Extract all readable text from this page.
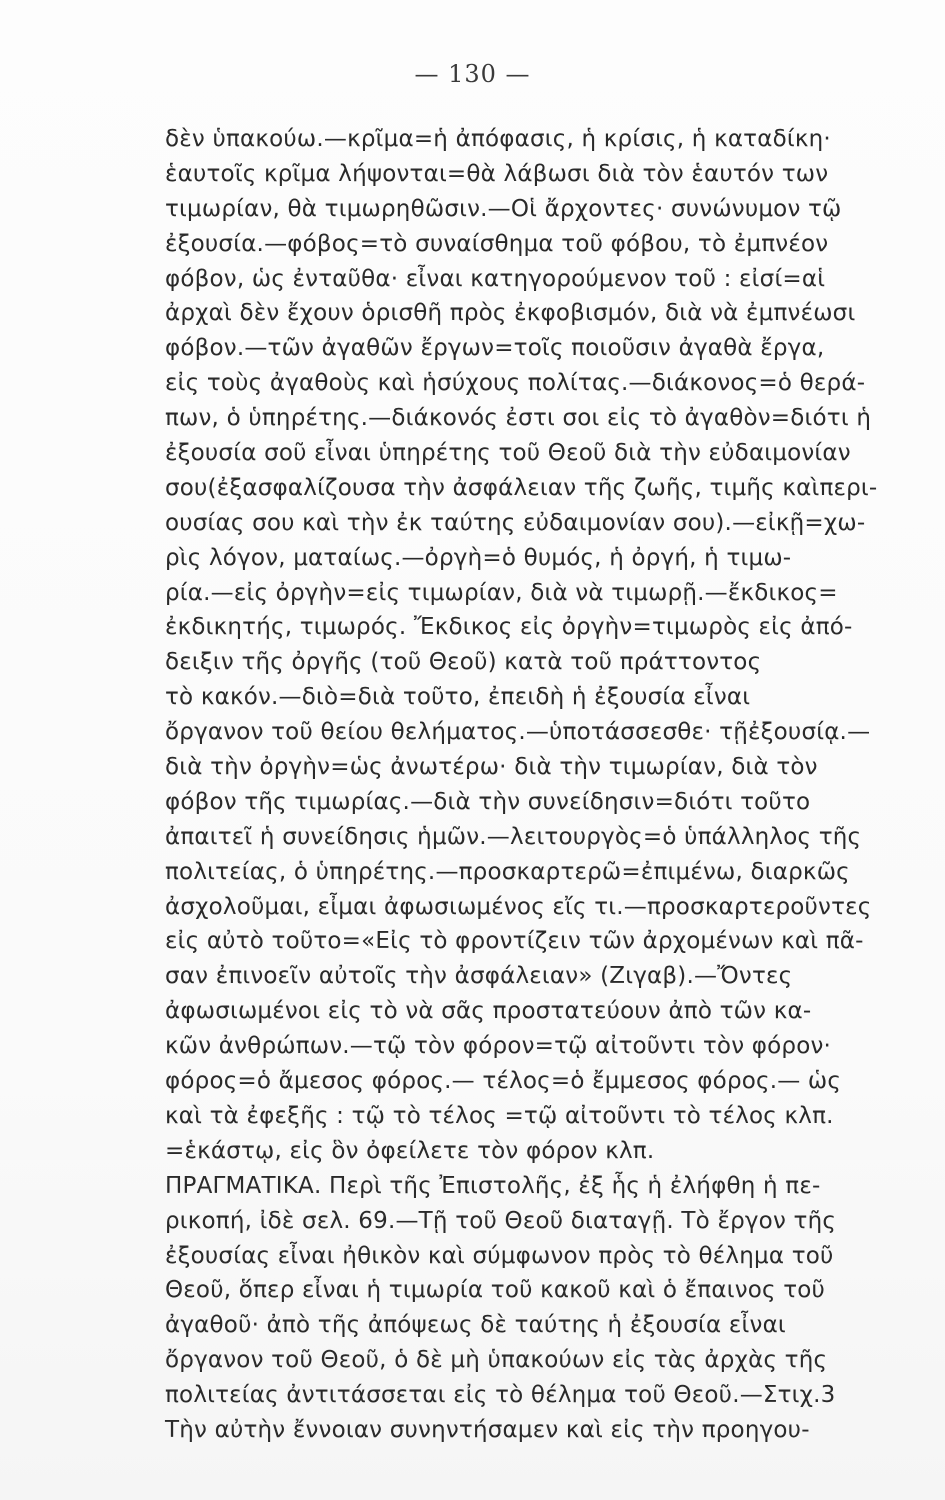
— 130 —
δὲν ὑπακούω.—κρῖμα=ἡ ἀπόφασις, ἡ κρίσις, ἡ καταδίκη·
ἑαυτοῖς κρῖμα λήψονται=θὰ λάβωσι διὰ τὸν ἑαυτόν των
τιμωρίαν, θὰ τιμωρηθῶσιν.—Οἱ ἄρχοντες· συνώνυμον τῷ
ἐξουσία.—φόβος=τὸ συναίσθημα τοῦ φόβου, τὸ ἐμπνέον
φόβον, ὡς ἐνταῦθα· εἶναι κατηγορούμενον τοῦ : εἰσί=αἱ
ἀρχαὶ δὲν ἔχουν ὁρισθῆ πρὸς ἐκφοβισμόν, διὰ νὰ ἐμπνέωσι
φόβον.—τῶν ἀγαθῶν ἔργων=τοῖς ποιοῦσιν ἀγαθὰ ἔργα,
εἰς τοὺς ἀγαθοὺς καὶ ἡσύχους πολίτας.—διάκονος=ὁ θερά-
πων, ὁ ὑπηρέτης.—διάκονός ἐστι σοι εἰς τὸ ἀγαθὸν=διότι ἡ
ἐξουσία σοῦ εἶναι ὑπηρέτης τοῦ Θεοῦ διὰ τὴν εὐδαιμονίαν
σου(ἐξασφαλίζουσα τὴν ἀσφάλειαν τῆς ζωῆς, τιμῆς καὶπερι-
ουσίας σου καὶ τὴν ἐκ ταύτης εὐδαιμονίαν σου).—εἰκῇ=χω-
ρὶς λόγον, ματαίως.—ὀργὴ=ὁ θυμός, ἡ ὀργή, ἡ τιμω-
ρία.—εἰς ὀργὴν=εἰς τιμωρίαν, διὰ νὰ τιμωρῇ.—ἔκδικος=
ἐκδικητής, τιμωρός. Ἔκδικος εἰς ὀργὴν=τιμωρὸς εἰς ἀπό-
δειξιν τῆς ὀργῆς (τοῦ Θεοῦ) κατὰ τοῦ πράττοντος
τὸ κακόν.—διὸ=διὰ τοῦτο, ἐπειδὴ ἡ ἐξουσία εἶναι
ὄργανον τοῦ θείου θελήματος.—ὑποτάσσεσθε· τῇἐξουσίᾳ.—
διὰ τὴν ὀργὴν=ὡς ἀνωτέρω· διὰ τὴν τιμωρίαν, διὰ τὸν
φόβον τῆς τιμωρίας.—διὰ τὴν συνείδησιν=διότι τοῦτο
ἀπαιτεῖ ἡ συνείδησις ἡμῶν.—λειτουργὸς=ὁ ὑπάλληλος τῆς
πολιτείας, ὁ ὑπηρέτης.—προσκαρτερῶ=ἐπιμένω, διαρκῶς
ἀσχολοῦμαι, εἶμαι ἀφωσιωμένος εἴς τι.—προσκαρτεροῦντες
εἰς αὐτὸ τοῦτο=«Εἰς τὸ φροντίζειν τῶν ἀρχομένων καὶ πᾶ-
σαν ἐπινοεῖν αὐτοῖς τὴν ἀσφάλειαν» (Ζιγαβ).—Ὄντες
ἀφωσιωμένοι εἰς τὸ νὰ σᾶς προστατεύουν ἀπὸ τῶν κα-
κῶν ἀνθρώπων.—τῷ τὸν φόρον=τῷ αἰτοῦντι τὸν φόρον·
φόρος=ὁ ἄμεσος φόρος.— τέλος=ὁ ἔμμεσος φόρος.— ὡς
καὶ τὰ ἐφεξῆς : τῷ τὸ τέλος =τῷ αἰτοῦντι τὸ τέλος κλπ.
=ἑκάστῳ, εἰς ὃν ὀφείλετε τὸν φόρον κλπ.
ΠΡΑΓΜΑΤΙΚΑ. Περὶ τῆς Ἐπιστολῆς, ἐξ ἧς ἡ ἐλήφθη ἡ πε-
ρικοπή, ἰδὲ σελ. 69.—Τῇ τοῦ Θεοῦ διαταγῇ. Τὸ ἔργον τῆς
ἐξουσίας εἶναι ἠθικὸν καὶ σύμφωνον πρὸς τὸ θέλημα τοῦ
Θεοῦ, ὅπερ εἶναι ἡ τιμωρία τοῦ κακοῦ καὶ ὁ ἔπαινος τοῦ
ἀγαθοῦ· ἀπὸ τῆς ἀπόψεως δὲ ταύτης ἡ ἐξουσία εἶναι
ὄργανον τοῦ Θεοῦ, ὁ δὲ μὴ ὑπακούων εἰς τὰς ἀρχὰς τῆς
πολιτείας ἀντιτάσσεται εἰς τὸ θέλημα τοῦ Θεοῦ.—Στιχ.3
Τὴν αὐτὴν ἔννοιαν συνηντήσαμεν καὶ εἰς τὴν προηγου-
